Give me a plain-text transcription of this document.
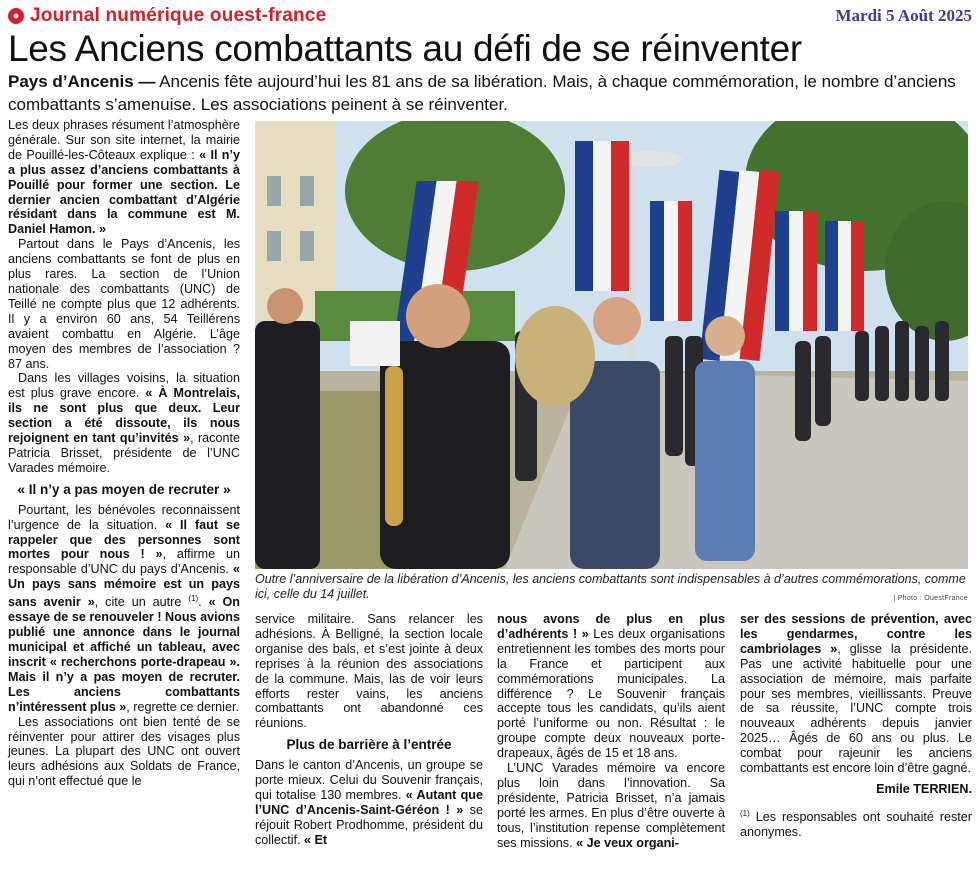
● Journal numérique ouest-france	Mardi 5 Août 2025
Les Anciens combattants au défi de se réinventer

Pays d’Ancenis — Ancenis fête aujourd’hui les 81 ans de sa libération. Mais, à chaque commémoration, le nombre d’anciens combattants s’amenuise. Les associations peinent à se réinventer.

Les deux phrases résument l’atmosphère générale. Sur son site internet, la mairie de Pouillé-les-Côteaux explique : « Il n’y a plus assez d’anciens combattants à Pouillé pour former une section. Le dernier ancien combattant d’Algérie résidant dans la commune est M. Daniel Hamon. »

Partout dans le Pays d’Ancenis, les anciens combattants se font de plus en plus rares. La section de l’Union nationale des combattants (UNC) de Teillé ne compte plus que 12 adhérents. Il y a environ 60 ans, 54 Teillérens avaient combattu en Algérie. L’âge moyen des membres de l’association ? 87 ans.

Dans les villages voisins, la situation est plus grave encore. « À Montrelais, ils ne sont plus que deux. Leur section a été dissoute, ils nous rejoignent en tant qu’invités », raconte Patricia Brisset, présidente de l’UNC Varades mémoire.

« Il n’y a pas moyen de recruter »

Pourtant, les bénévoles reconnaissent l’urgence de la situation. « Il faut se rappeler que des personnes sont mortes pour nous ! », affirme un responsable d’UNC du pays d’Ancenis. « Un pays sans mémoire est un pays sans avenir », cite un autre $^{(1)}$. « On essaye de se renouveler ! Nous avions publié une annonce dans le journal municipal et affiché un tableau, avec inscrit « recherchons porte-drapeau ». Mais il n’y a pas moyen de recruter. Les anciens combattants n’intéressent plus », regrette ce dernier.

Les associations ont bien tenté de se réinventer pour attirer des visages plus jeunes. La plupart des UNC ont ouvert leurs adhésions aux Soldats de France, qui n’ont effectué que le

Outre l’anniversaire de la libération d’Ancenis, les anciens combattants sont indispensables à d’autres commémorations, comme ici, celle du 14 juillet.	| Photo : OuestFrance

service militaire. Sans relancer les adhésions. À Belligné, la section locale organise des bals, et s’est jointe à deux reprises à la réunion des associations de la commune. Mais, las de voir leurs efforts rester vains, les anciens combattants ont abandonné ces réunions.

Plus de barrière à l’entrée

Dans le canton d’Ancenis, un groupe se porte mieux. Celui du Souvenir français, qui totalise 130 membres. « Autant que l’UNC d’Ancenis-Saint-Géréon ! » se réjouit Robert Prodhomme, président du collectif. « Et

nous avons de plus en plus d’adhérents ! » Les deux organisations entretiennent les tombes des morts pour la France et participent aux commémorations municipales. La différence ? Le Souvenir français accepte tous les candidats, qu’ils aient porté l’uniforme ou non. Résultat : le groupe compte deux nouveaux porte-drapeaux, âgés de 15 et 18 ans.

L’UNC Varades mémoire va encore plus loin dans l’innovation. Sa présidente, Patricia Brisset, n’a jamais porté les armes. En plus d’être ouverte à tous, l’institution repense complètement ses missions. « Je veux organi-

ser des sessions de prévention, avec les gendarmes, contre les cambriolages », glisse la présidente. Pas une activité habituelle pour une association de mémoire, mais parfaite pour ses membres, vieillissants. Preuve de sa réussite, l’UNC compte trois nouveaux adhérents depuis janvier 2025… Âgés de 60 ans ou plus. Le combat pour rajeunir les anciens combattants est encore loin d’être gagné.

Emile TERRIEN.

$^{(1)}$ Les responsables ont souhaité rester anonymes.
